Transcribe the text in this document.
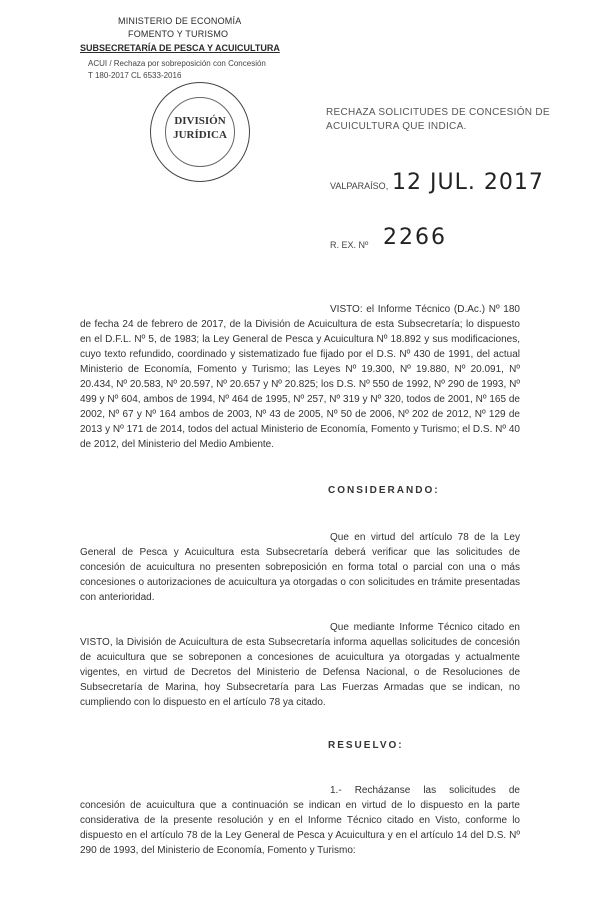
MINISTERIO DE ECONOMÍA
FOMENTO Y TURISMO
SUBSECRETARÍA DE PESCA Y ACUICULTURA
ACUI / Rechaza por sobreposición con Concesión
T 180-2017 CL 6533-2016
DIVISIÓN
JURÍDICA
RECHAZA SOLICITUDES DE CONCESIÓN DE
ACUICULTURA QUE INDICA.
VALPARAÍSO, 12 JUL. 2017
R. EX. Nº 2266
VISTO: el Informe Técnico (D.Ac.) Nº 180 de fecha 24 de febrero de 2017, de la División de Acuicultura de esta Subsecretaría; lo dispuesto en el D.F.L. Nº 5, de 1983; la Ley General de Pesca y Acuicultura Nº 18.892 y sus modificaciones, cuyo texto refundido, coordinado y sistematizado fue fijado por el D.S. Nº 430 de 1991, del actual Ministerio de Economía, Fomento y Turismo; las Leyes Nº 19.300, Nº 19.880, Nº 20.091, Nº 20.434, Nº 20.583, Nº 20.597, Nº 20.657 y Nº 20.825; los D.S. Nº 550 de 1992, Nº 290 de 1993, Nº 499 y Nº 604, ambos de 1994, Nº 464 de 1995, Nº 257, Nº 319 y Nº 320, todos de 2001, Nº 165 de 2002, Nº 67 y Nº 164 ambos de 2003, Nº 43 de 2005, Nº 50 de 2006, Nº 202 de 2012, Nº 129 de 2013 y Nº 171 de 2014, todos del actual Ministerio de Economía, Fomento y Turismo; el D.S. Nº 40 de 2012, del Ministerio del Medio Ambiente.
CONSIDERANDO:
Que en virtud del artículo 78 de la Ley General de Pesca y Acuicultura esta Subsecretaría deberá verificar que las solicitudes de concesión de acuicultura no presenten sobreposición en forma total o parcial con una o más concesiones o autorizaciones de acuicultura ya otorgadas o con solicitudes en trámite presentadas con anterioridad.
Que mediante Informe Técnico citado en VISTO, la División de Acuicultura de esta Subsecretaría informa aquellas solicitudes de concesión de acuicultura que se sobreponen a concesiones de acuicultura ya otorgadas y actualmente vigentes, en virtud de Decretos del Ministerio de Defensa Nacional, o de Resoluciones de Subsecretaría de Marina, hoy Subsecretaría para Las Fuerzas Armadas que se indican, no cumpliendo con lo dispuesto en el artículo 78 ya citado.
RESUELVO:
1.- Recházanse las solicitudes de concesión de acuicultura que a continuación se indican en virtud de lo dispuesto en la parte considerativa de la presente resolución y en el Informe Técnico citado en Visto, conforme lo dispuesto en el artículo 78 de la Ley General de Pesca y Acuicultura y en el artículo 14 del D.S. Nº 290 de 1993, del Ministerio de Economía, Fomento y Turismo:
